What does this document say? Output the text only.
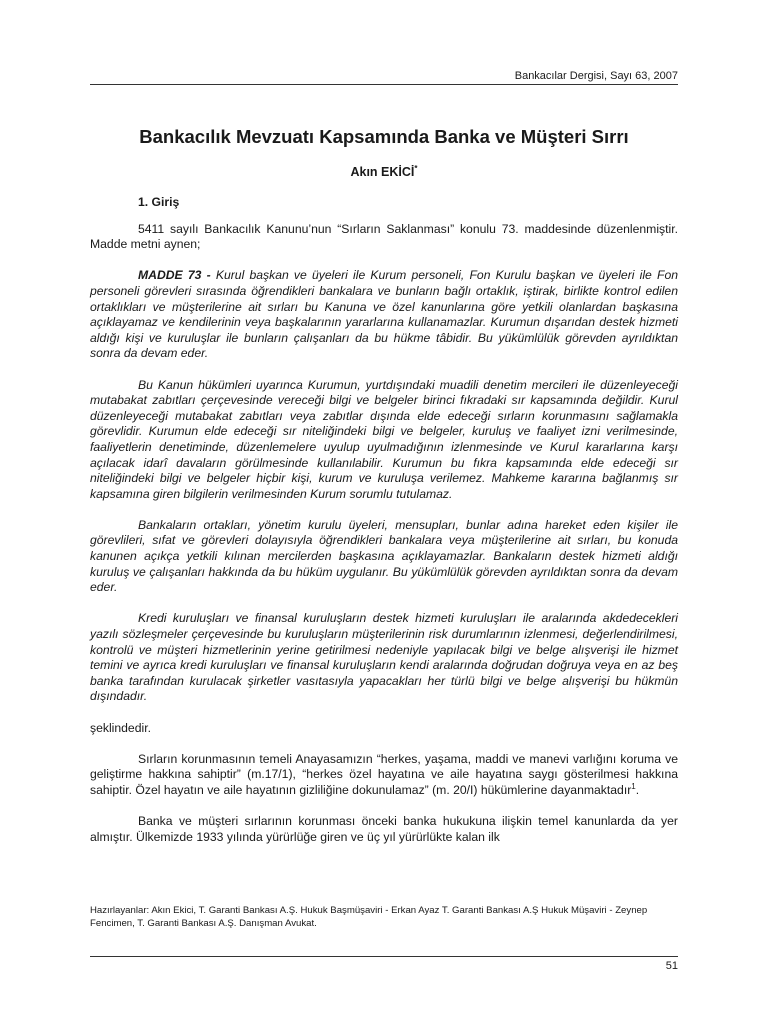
Bankacılar Dergisi, Sayı 63, 2007
Bankacılık Mevzuatı Kapsamında Banka ve Müşteri Sırrı
Akın EKİCİ*

1. Giriş

5411 sayılı Bankacılık Kanunu’nun “Sırların Saklanması” konulu 73. maddesinde düzenlenmiştir. Madde metni aynen;

MADDE 73 - Kurul başkan ve üyeleri ile Kurum personeli, Fon Kurulu başkan ve üyeleri ile Fon personeli görevleri sırasında öğrendikleri bankalara ve bunların bağlı ortaklık, iştirak, birlikte kontrol edilen ortaklıkları ve müşterilerine ait sırları bu Kanuna ve özel kanunlarına göre yetkili olanlardan başkasına açıklayamaz ve kendilerinin veya başkalarının yararlarına kullanamazlar. Kurumun dışarıdan destek hizmeti aldığı kişi ve kuruluşlar ile bunların çalışanları da bu hükme tâbidir. Bu yükümlülük görevden ayrıldıktan sonra da devam eder.

Bu Kanun hükümleri uyarınca Kurumun, yurtdışındaki muadili denetim mercileri ile düzenleyeceği mutabakat zabıtları çerçevesinde vereceği bilgi ve belgeler birinci fıkradaki sır kapsamında değildir. Kurul düzenleyeceği mutabakat zabıtları veya zabıtlar dışında elde edeceği sırların korunmasını sağlamakla görevlidir. Kurumun elde edeceği sır niteliğindeki bilgi ve belgeler, kuruluş ve faaliyet izni verilmesinde, faaliyetlerin denetiminde, düzenlemelere uyulup uyulmadığının izlenmesinde ve Kurul kararlarına karşı açılacak idarî davaların görülmesinde kullanılabilir. Kurumun bu fıkra kapsamında elde edeceği sır niteliğindeki bilgi ve belgeler hiçbir kişi, kurum ve kuruluşa verilemez. Mahkeme kararına bağlanmış sır kapsamına giren bilgilerin verilmesinden Kurum sorumlu tutulamaz.

Bankaların ortakları, yönetim kurulu üyeleri, mensupları, bunlar adına hareket eden kişiler ile görevlileri, sıfat ve görevleri dolayısıyla öğrendikleri bankalara veya müşterilerine ait sırları, bu konuda kanunen açıkça yetkili kılınan mercilerden başkasına açıklayamazlar. Bankaların destek hizmeti aldığı kuruluş ve çalışanları hakkında da bu hüküm uygulanır. Bu yükümlülük görevden ayrıldıktan sonra da devam eder.

Kredi kuruluşları ve finansal kuruluşların destek hizmeti kuruluşları ile aralarında akdedecekleri yazılı sözleşmeler çerçevesinde bu kuruluşların müşterilerinin risk durumlarının izlenmesi, değerlendirilmesi, kontrolü ve müşteri hizmetlerinin yerine getirilmesi nedeniyle yapılacak bilgi ve belge alışverişi ile hizmet temini ve ayrıca kredi kuruluşları ve finansal kuruluşların kendi aralarında doğrudan doğruya veya en az beş banka tarafından kurulacak şirketler vasıtasıyla yapacakları her türlü bilgi ve belge alışverişi bu hükmün dışındadır.

şeklindedir.

Sırların korunmasının temeli Anayasamızın “herkes, yaşama, maddi ve manevi varlığını koruma ve geliştirme hakkına sahiptir” (m.17/1), “herkes özel hayatına ve aile hayatına saygı gösterilmesi hakkına sahiptir. Özel hayatın ve aile hayatının gizliliğine dokunulamaz” (m. 20/I) hükümlerine dayanmaktadır$^1$.

Banka ve müşteri sırlarının korunması önceki banka hukukuna ilişkin temel kanunlarda da yer almıştır. Ülkemizde 1933 yılında yürürlüğe giren ve üç yıl yürürlükte kalan ilk

Hazırlayanlar: Akın Ekici, T. Garanti Bankası A.Ş. Hukuk Başmüşaviri - Erkan Ayaz T. Garanti Bankası A.Ş Hukuk Müşaviri - Zeynep Fencimen, T. Garanti Bankası A.Ş. Danışman Avukat.
51
